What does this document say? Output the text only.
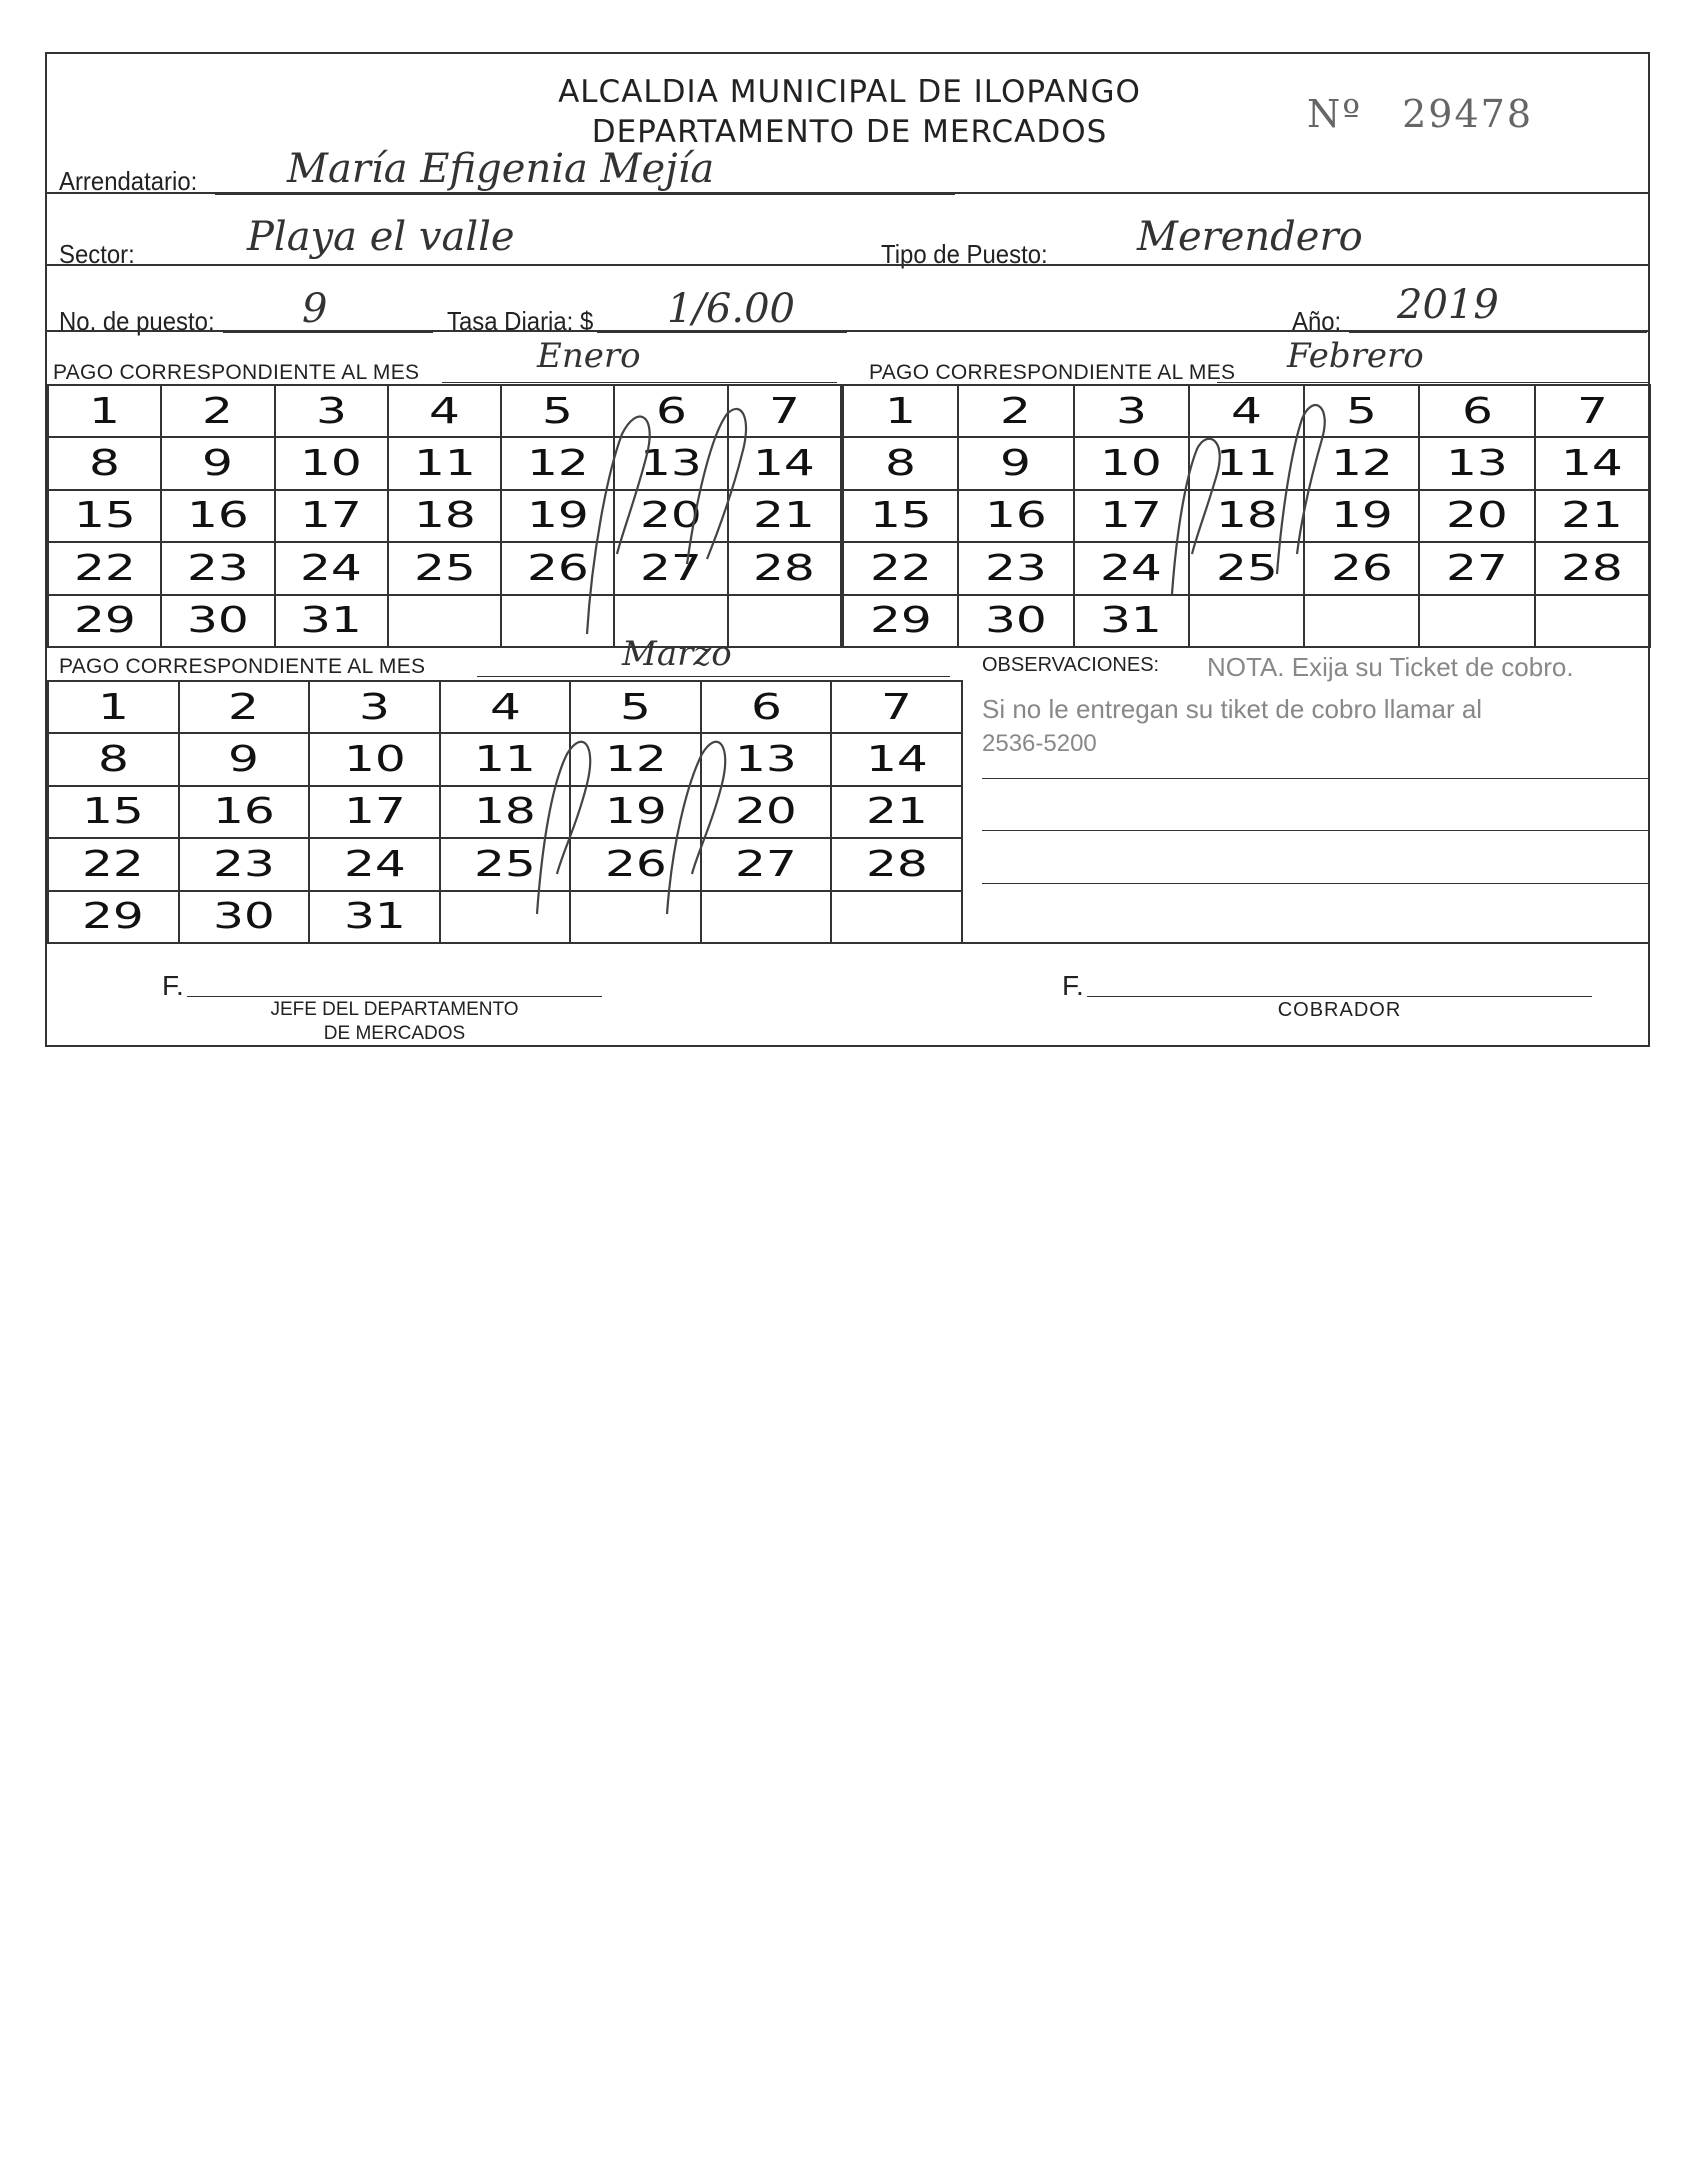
ALCALDIA MUNICIPAL DE ILOPANGO
DEPARTAMENTO DE MERCADOS	Nº 29478
Arrendatario: María Efigenia Mejía
Sector:	Playa el valle	Tipo de Puesto: Merendero
No. de puesto: 9	Tasa Diaria: $ 1/6.00	Año: 2019
PAGO CORRESPONDIENTE AL MES	Enero	PAGO CORRESPONDIENTE AL MES Febrero
1	2	3	4	5	6	7
8	9	10	11	12	13	14
15	16	17	18	19	20	21
22	23	24	25	26	27	28
29	30	31				
1	2	3	4	5	6	7
8	9	10	11	12	13	14
15	16	17	18	19	20	21
22	23	24	25	26	27	28
29	30	31				
PAGO CORRESPONDIENTE AL MES	Marzo
1	2	3	4	5	6	7
8	9	10	11	12	13	14
15	16	17	18	19	20	21
22	23	24	25	26	27	28
29	30	31				
OBSERVACIONES: NOTA. Exija su Ticket de cobro.
Si no le entregan su tiket de cobro llamar al
2536-5200
F.
JEFE DEL DEPARTAMENTO
DE MERCADOS
F.
COBRADOR
